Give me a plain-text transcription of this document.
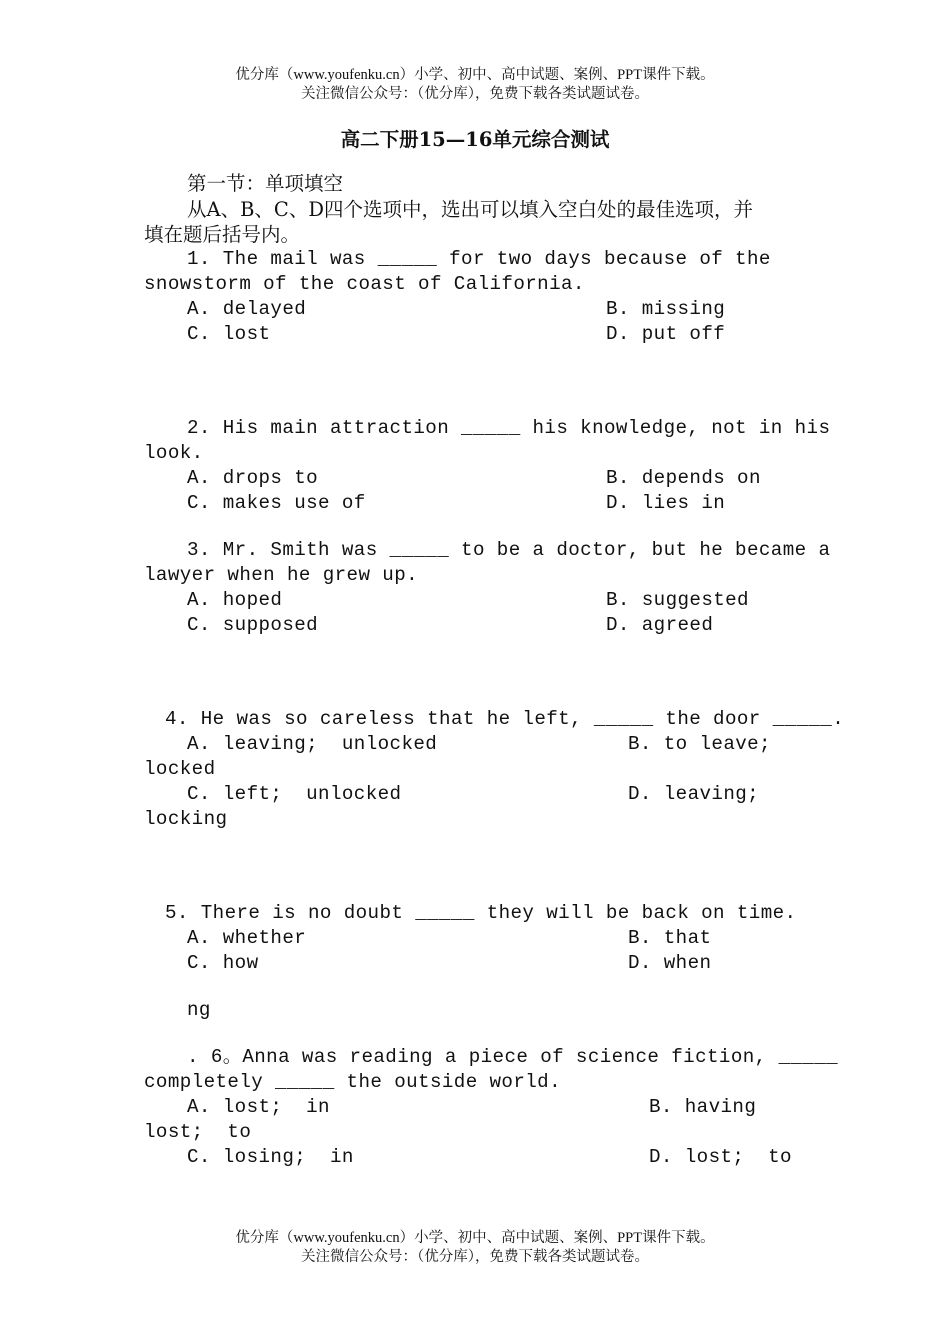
优分库（www.youfenku.cn）小学、初中、高中试题、案例、PPT课件下载。
关注微信公众号：（优分库），免费下载各类试题试卷。
高二下册15—16单元综合测试
第一节：单项填空
从A、B、C、D四个选项中，选出可以填入空白处的最佳选项，并
填在题后括号内。
1. The mail was _____ for two days because of the
snowstorm of the coast of California.
A. delayed	B. missing
C. lost	D. put off
2. His main attraction _____ his knowledge, not in his
look.
A. drops to	B. depends on
C. makes use of	D. lies in
3. Mr. Smith was _____ to be a doctor, but he became a
lawyer when he grew up.
A. hoped	B. suggested
C. supposed	D. agreed
4. He was so careless that he left, _____ the door _____.
A. leaving;  unlocked	B. to leave;
locked
C. left;  unlocked	D. leaving;
locking
5. There is no doubt _____ they will be back on time.
A. whether	B. that
C. how	D. when
ng
. 6。Anna was reading a piece of science fiction, _____
completely _____ the outside world.
A. lost;  in	B. having
lost;  to
C. losing;  in	D. lost;  to
优分库（www.youfenku.cn）小学、初中、高中试题、案例、PPT课件下载。
关注微信公众号：（优分库），免费下载各类试题试卷。
